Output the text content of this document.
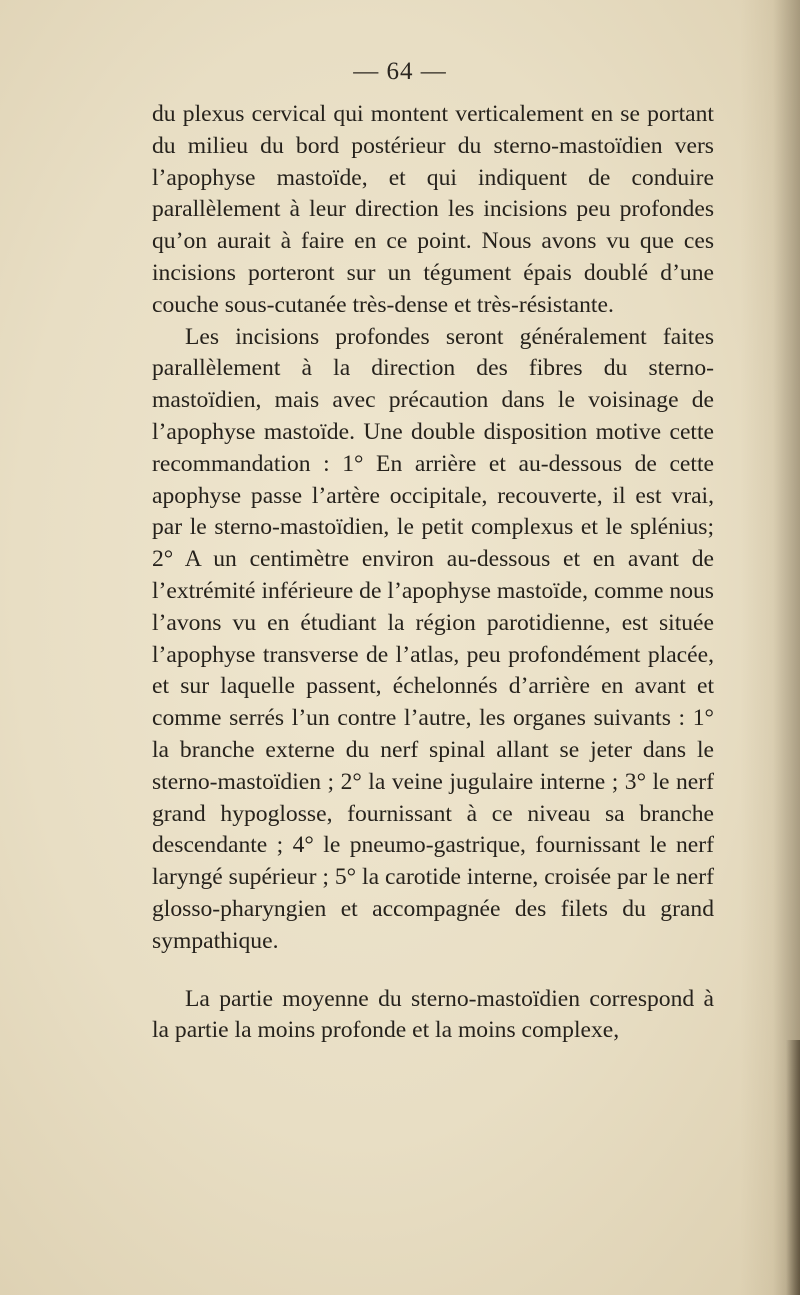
— 64 —

du plexus cervical qui montent verticalement en se portant du milieu du bord postérieur du sterno-mastoïdien vers l’apophyse mastoïde, et qui indiquent de conduire parallèlement à leur direction les incisions peu profondes qu’on aurait à faire en ce point. Nous avons vu que ces incisions porteront sur un tégument épais doublé d’une couche sous-cutanée très-dense et très-résistante.

Les incisions profondes seront généralement faites parallèlement à la direction des fibres du sterno-mastoïdien, mais avec précaution dans le voisinage de l’apophyse mastoïde. Une double disposition motive cette recommandation : 1° En arrière et au-dessous de cette apophyse passe l’artère occipitale, recouverte, il est vrai, par le sterno-mastoïdien, le petit complexus et le splénius; 2° A un centimètre environ au-dessous et en avant de l’extrémité inférieure de l’apophyse mastoïde, comme nous l’avons vu en étudiant la région parotidienne, est située l’apophyse transverse de l’atlas, peu profondément placée, et sur laquelle passent, échelonnés d’arrière en avant et comme serrés l’un contre l’autre, les organes suivants : 1° la branche externe du nerf spinal allant se jeter dans le sterno-mastoïdien ; 2° la veine jugulaire interne ; 3° le nerf grand hypoglosse, fournissant à ce niveau sa branche descendante ; 4° le pneumo-gastrique, fournissant le nerf laryngé supérieur ; 5° la carotide interne, croisée par le nerf glosso-pharyngien et accompagnée des filets du grand sympathique.

La partie moyenne du sterno-mastoïdien correspond à la partie la moins profonde et la moins complexe,
